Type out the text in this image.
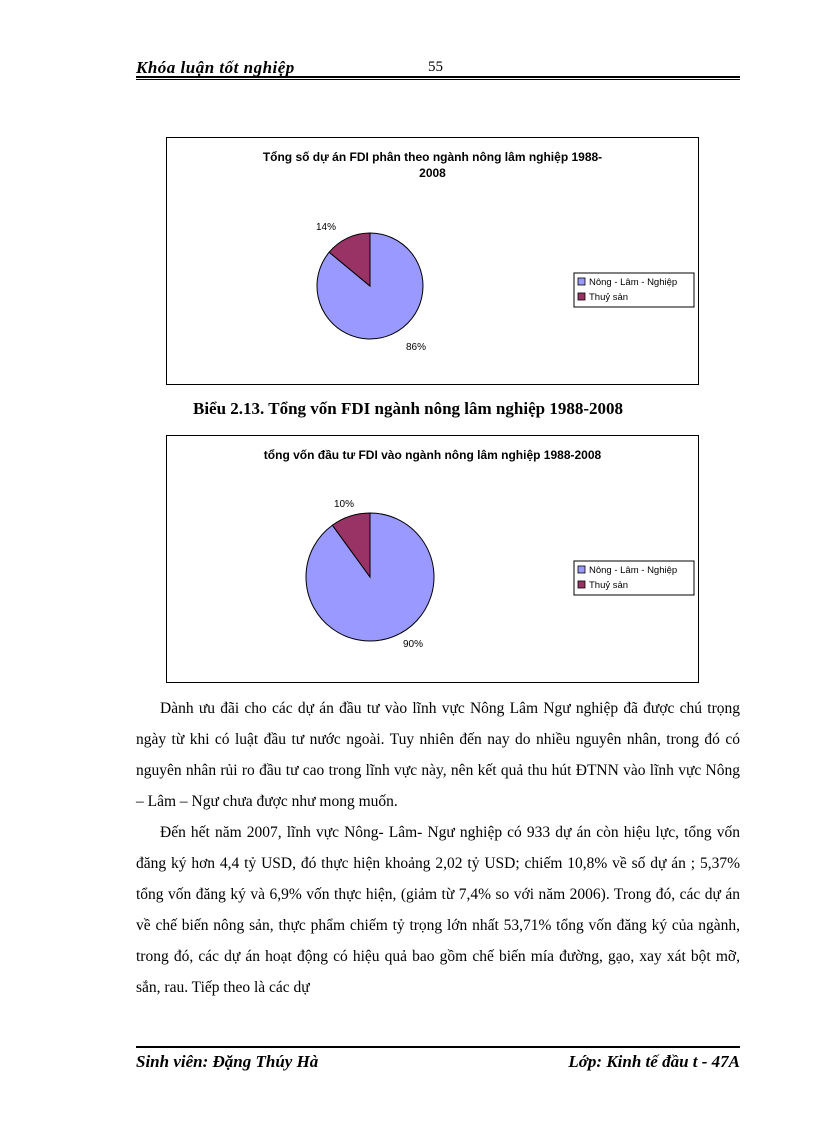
Khóa luận tốt nghiệp	55
Tổng số dự án FDI phân theo ngành nông lâm nghiệp 1988-
2008
86%
14%
Nông - Lâm - Nghiệp
Thuỷ sản
Biểu 2.13. Tổng vốn FDI ngành nông lâm nghiệp 1988-2008
tổng vốn đầu tư FDI vào ngành nông lâm nghiệp 1988-2008
90%
10%
Nông - Lâm - Nghiệp
Thuỷ sản

Dành ưu đãi cho các dự án đầu tư vào lĩnh vực Nông Lâm Ngư nghiệp đã được chú trọng ngày từ khi có luật đầu tư nước ngoài. Tuy nhiên đến nay do nhiều nguyên nhân, trong đó có nguyên nhân rủi ro đầu tư cao trong lĩnh vực này, nên kết quả thu hút ĐTNN vào lĩnh vực Nông – Lâm – Ngư chưa được như mong muốn.

Đến hết năm 2007, lĩnh vực Nông- Lâm- Ngư nghiệp có 933 dự án còn hiệu lực, tổng vốn đăng ký hơn 4,4 tỷ USD, đó thực hiện khoảng 2,02 tỷ USD; chiếm 10,8% về số dự án ; 5,37% tổng vốn đăng ký và 6,9% vốn thực hiện, (giảm từ 7,4% so với năm 2006). Trong đó, các dự án về chế biến nông sản, thực phẩm chiếm tỷ trọng lớn nhất 53,71% tổng vốn đăng ký của ngành, trong đó, các dự án hoạt động có hiệu quả bao gồm chế biến mía đường, gạo, xay xát bột mỡ, sắn, rau. Tiếp theo là các dự

Sinh viên: Đặng Thúy Hà	Lớp: Kinh tế đầu t - 47A
